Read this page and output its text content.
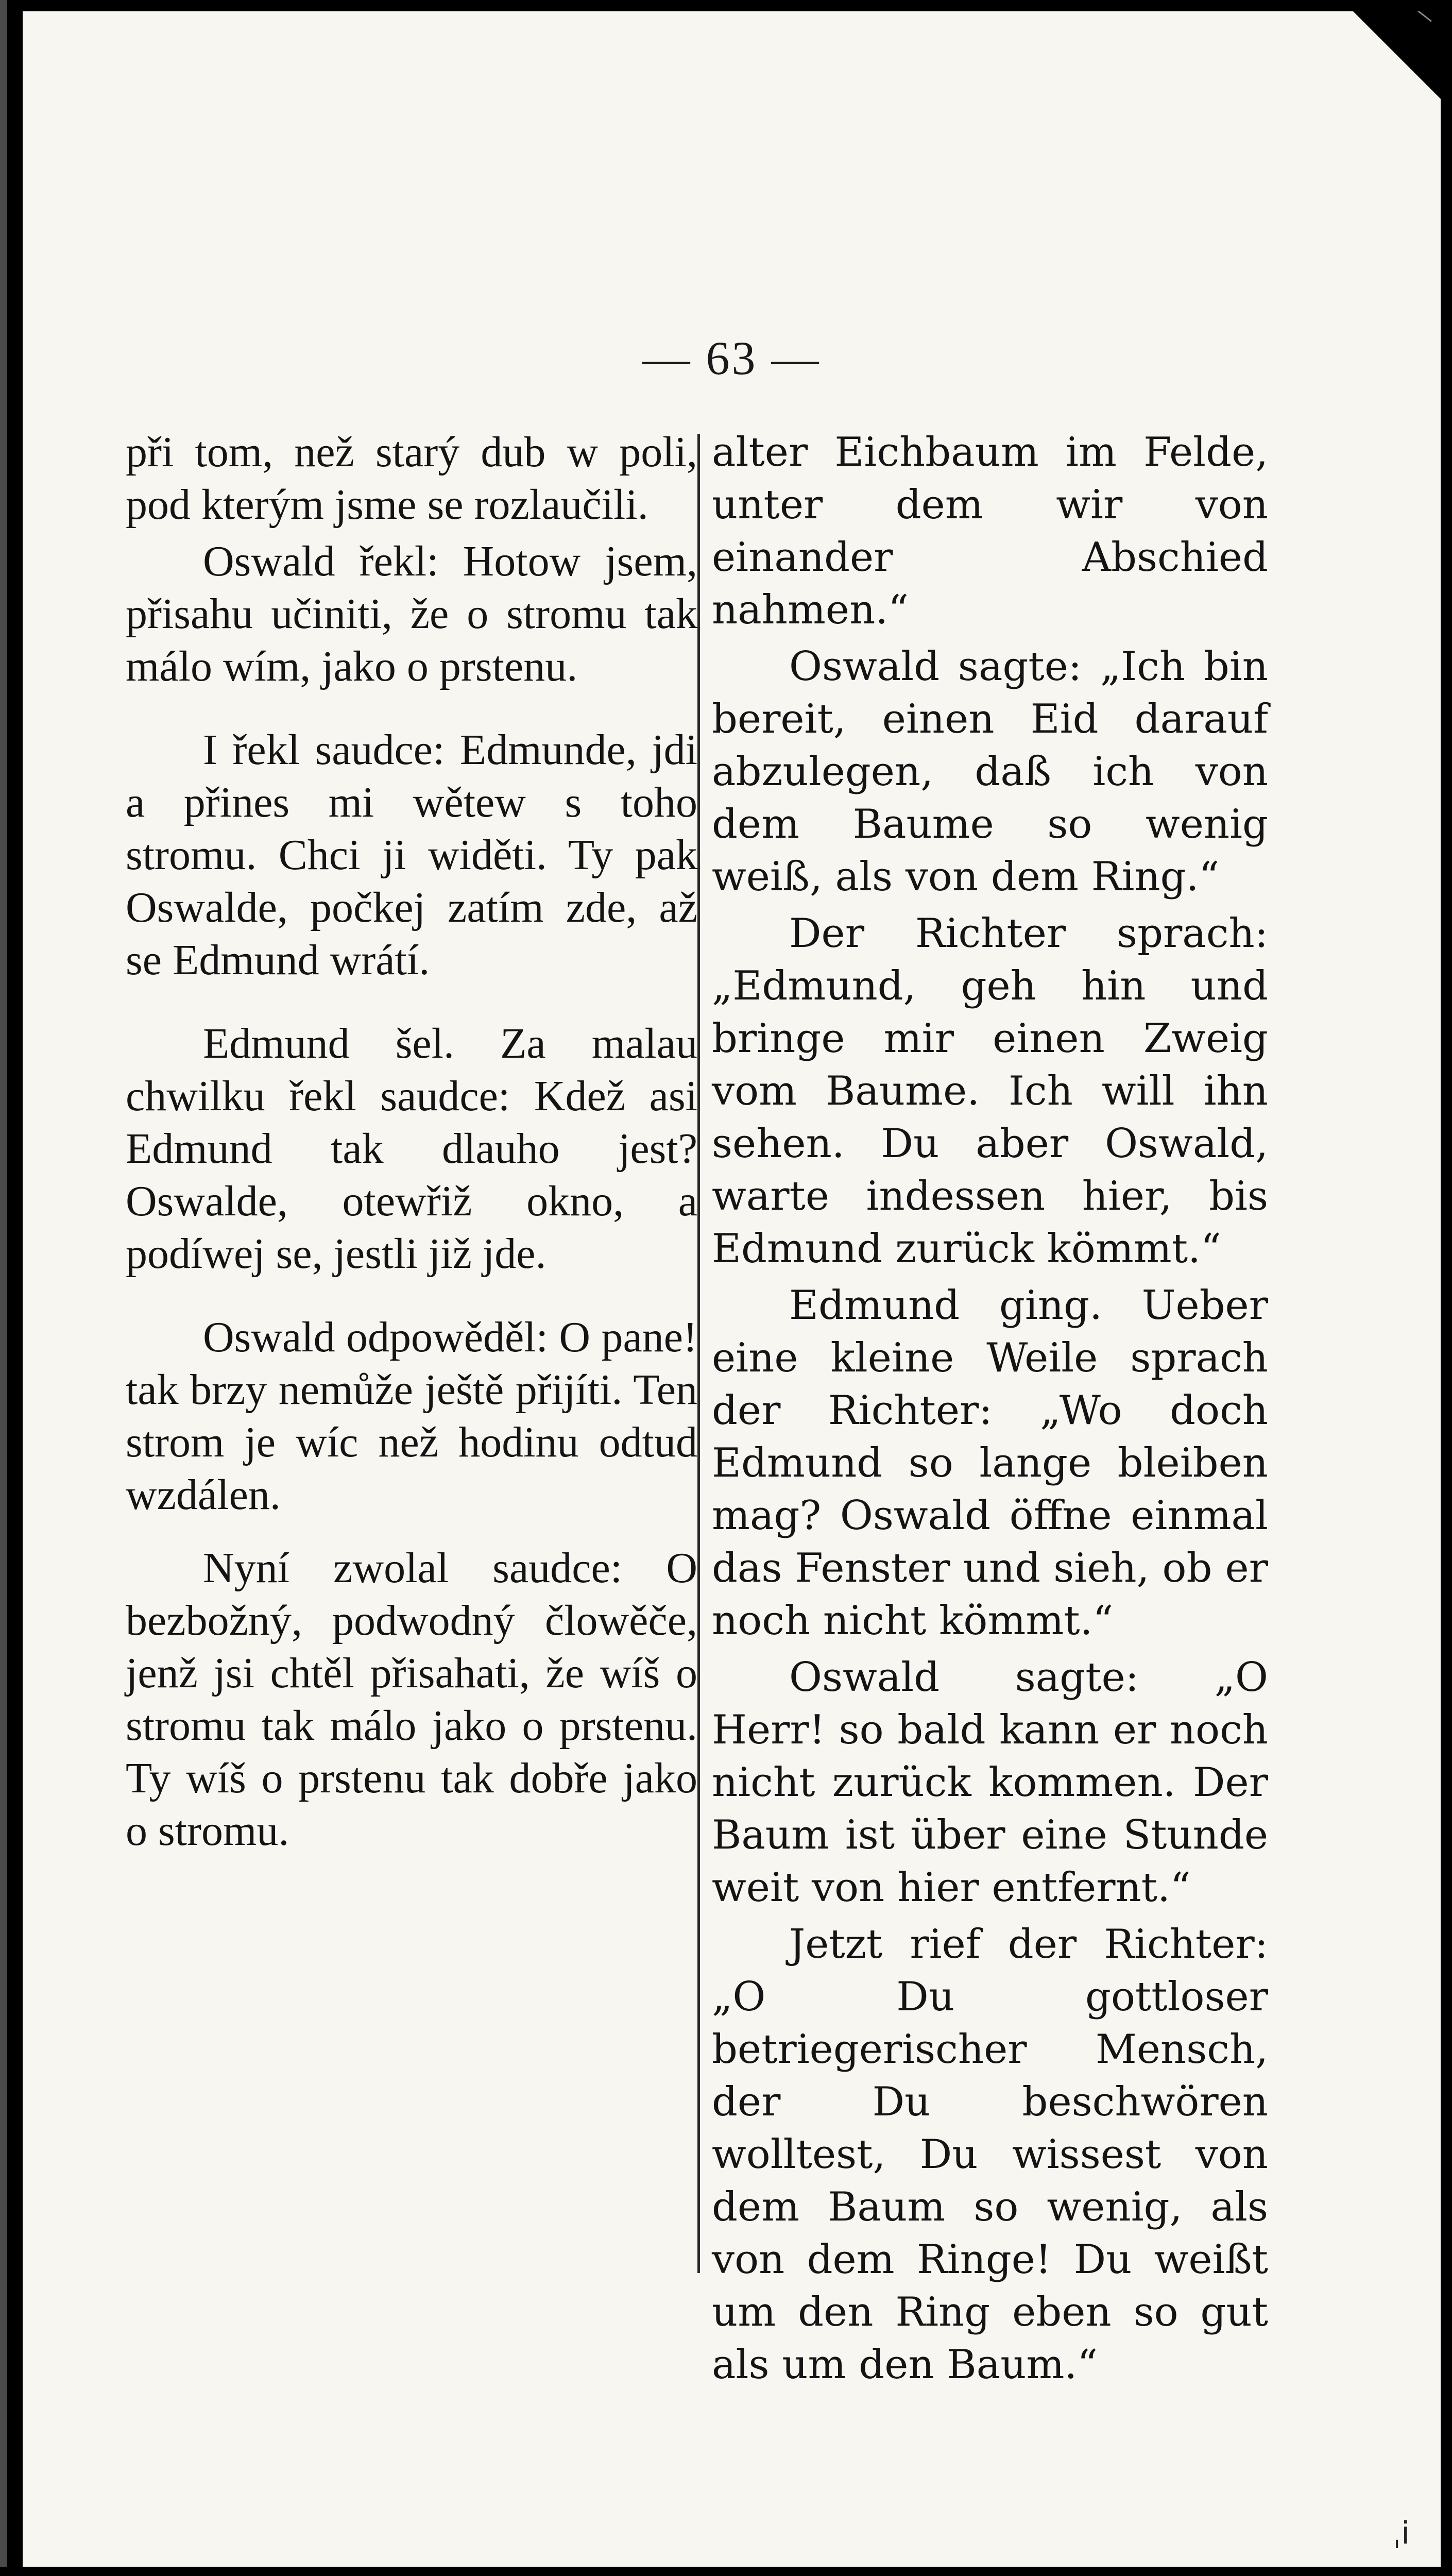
— 63 —

při tom, než starý dub w poli, pod kterým jsme se rozlaučili.

Oswald řekl: Hotow jsem, přisahu učiniti, že o stromu tak málo wím, jako o prstenu.

I řekl saudce: Edmunde, jdi a přines mi wětew s toho stromu. Chci ji widěti. Ty pak Oswalde, počkej zatím zde, až se Edmund wrátí.

Edmund šel. Za malau chwilku řekl saudce: Kdež asi Edmund tak dlauho jest? Oswalde, otewřiž okno, a podíwej se, jestli již jde.

Oswald odpowěděl: O pane! tak brzy nemůže ještě přijíti. Ten strom je wíc než hodinu odtud wzdálen.

Nyní zwolal saudce: O bezbožný, podwodný člowěče, jenž jsi chtěl přisahati, že wíš o stromu tak málo jako o prstenu. Ty wíš o prstenu tak dobře jako o stromu.

alter Eichbaum im Felde, unter dem wir von einander Abschied nahmen.“

Oswald sagte: „Ich bin bereit, einen Eid darauf abzulegen, daß ich von dem Baume so wenig weiß, als von dem Ring.“

Der Richter sprach: „Edmund, geh hin und bringe mir einen Zweig vom Baume. Ich will ihn sehen. Du aber Oswald, warte indessen hier, bis Edmund zurück kömmt.“

Edmund ging. Ueber eine kleine Weile sprach der Richter: „Wo doch Edmund so lange bleiben mag? Oswald öffne einmal das Fenster und sieh, ob er noch nicht kömmt.“

Oswald sagte: „O Herr! so bald kann er noch nicht zurück kommen. Der Baum ist über eine Stunde weit von hier entfernt.“

Jetzt rief der Richter: „O Du gottloser betriegerischer Mensch, der Du beschwören wolltest, Du wissest von dem Baum so wenig, als von dem Ringe! Du weißt um den Ring eben so gut als um den Baum.“

ˌi
